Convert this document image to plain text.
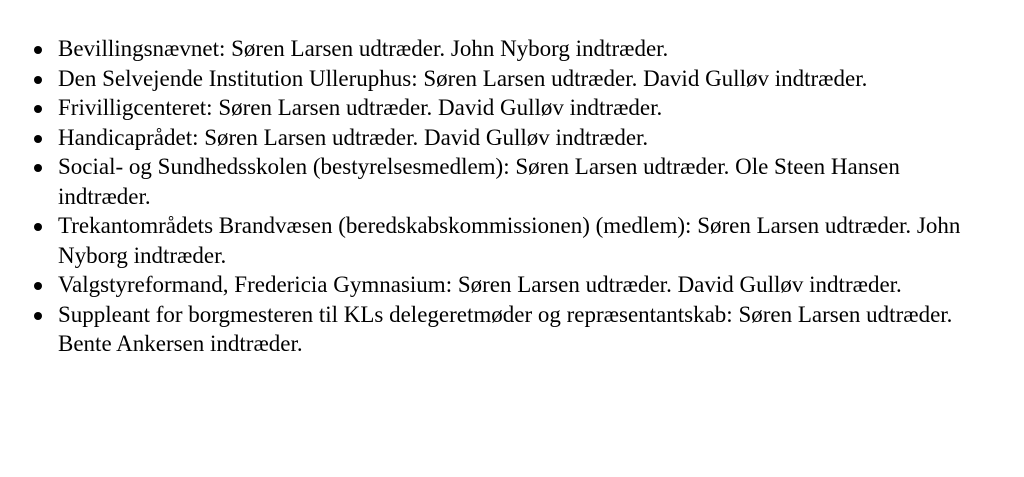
Bevillingsnævnet: Søren Larsen udtræder. John Nyborg indtræder.
Den Selvejende Institution Ulleruphus: Søren Larsen udtræder. David Gulløv indtræder.
Frivilligcenteret: Søren Larsen udtræder. David Gulløv indtræder.
Handicaprådet: Søren Larsen udtræder. David Gulløv indtræder.
Social- og Sundhedsskolen (bestyrelsesmedlem): Søren Larsen udtræder. Ole Steen Hansen indtræder.
Trekantområdets Brandvæsen (beredskabskommissionen) (medlem): Søren Larsen udtræder. John Nyborg indtræder.
Valgstyreformand, Fredericia Gymnasium: Søren Larsen udtræder. David Gulløv indtræder.
Suppleant for borgmesteren til KLs delegeretmøder og repræsentantskab: Søren Larsen udtræder. Bente Ankersen indtræder.
